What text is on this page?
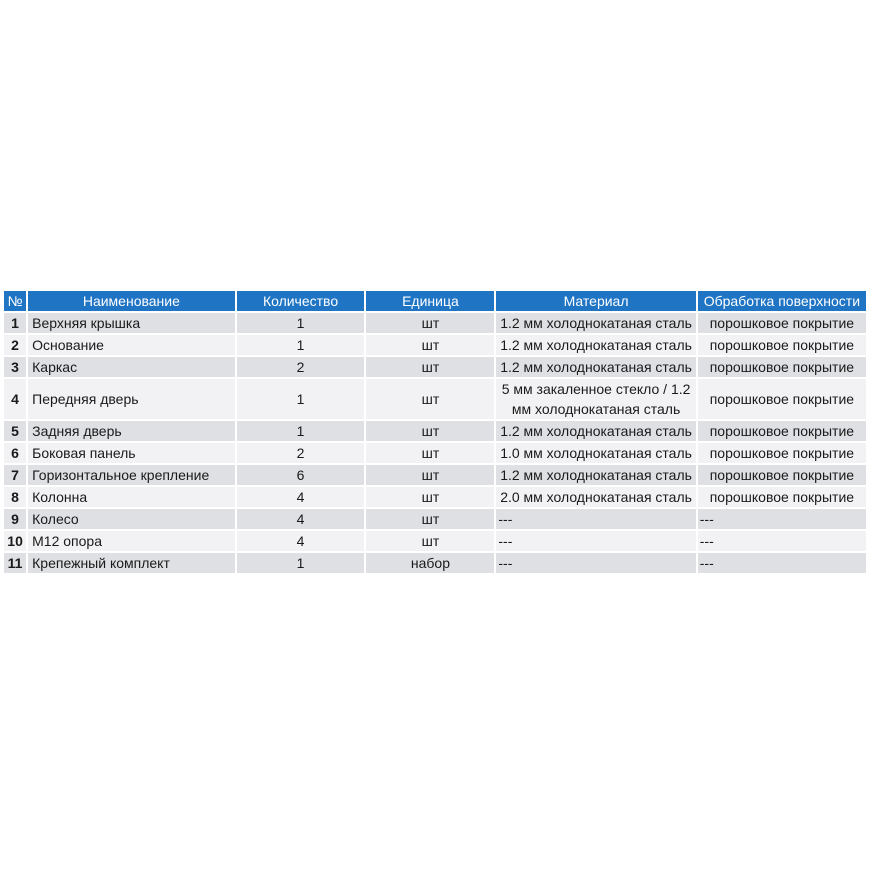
№	Наименование	Количество	Единица	Материал	Обработка поверхности
1	Верхняя крышка	1	шт	1.2 мм холоднокатаная сталь	порошковое покрытие
2	Основание	1	шт	1.2 мм холоднокатаная сталь	порошковое покрытие
3	Каркас	2	шт	1.2 мм холоднокатаная сталь	порошковое покрытие
4	Передняя дверь	1	шт	5 мм закаленное стекло / 1.2 мм холоднокатаная сталь	порошковое покрытие
5	Задняя дверь	1	шт	1.2 мм холоднокатаная сталь	порошковое покрытие
6	Боковая панель	2	шт	1.0 мм холоднокатаная сталь	порошковое покрытие
7	Горизонтальное крепление	6	шт	1.2 мм холоднокатаная сталь	порошковое покрытие
8	Колонна	4	шт	2.0 мм холоднокатаная сталь	порошковое покрытие
9	Колесо	4	шт	---	---
10	M12 опора	4	шт	---	---
11	Крепежный комплект	1	набор	---	---
